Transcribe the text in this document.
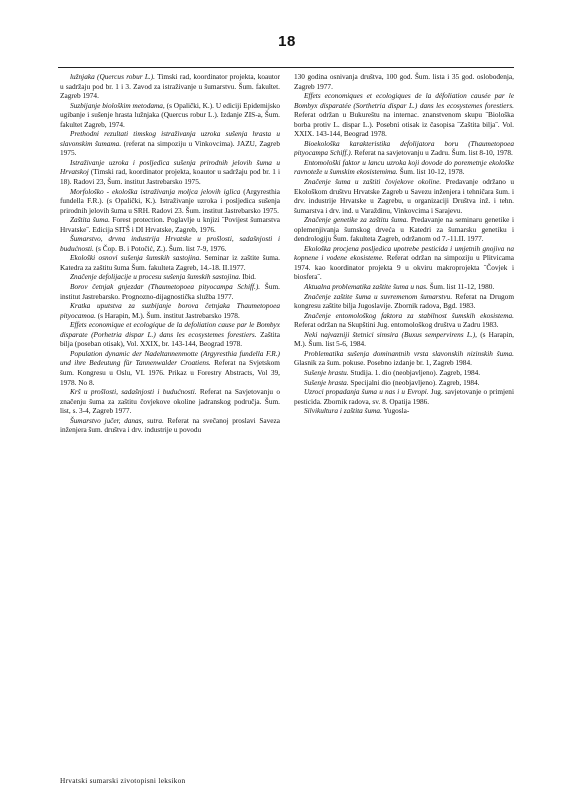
18

lužnjaka (Quercus robur L.). Timski rad, koordinator projekta, koautor u sadržaju pod br. 1 i 3. Zavod za istraživanje u šumarstvu. Šum. fakultet. Zagreb 1974.

Suzbijanje biološkim metodama, (s Opalički, K.). U ediciji Epidemijsko ugibanje i sušenje hrasta lužnjaka (Quercus robur L.). Izdanje ZIS-a, Šum. fakultet Zagreb, 1974.

Prethodni rezultati timskog istraživanja uzroka sušenja hrasta u slavonskim šumama. (referat na simpoziju u Vinkovcima). JAZU, Zagreb 1975.

Istraživanje uzroka i posljedica sušenja prirodnih jelovih šuma u Hrvatskoj (Timski rad, koordinator projekta, koautor u sadržaju pod br. 1 i 18). Radovi 23, Šum. institut Jastrebarsko 1975.

Morfološko - ekološka istraživanja moljca jelovih iglica (Argyresthia fundella F.R.). (s Opalički, K.). Istraživanje uzroka i posljedica sušenja prirodnih jelovih šuma u SRH. Radovi 23. Šum. institut Jastrebarsko 1975.

Zaštita šuma. Forest protection. Poglavlje u knjizi ˝Povijest šumarstva Hrvatske˝. Edicija SITŠ i DI Hrvatske, Zagreb, 1976.

Šumarstvo, drvna industrija Hrvatske u prošlosti, sadašnjosti i budućnosti. (s Čop. B. i Potočić, Z.). Šum. list 7-9, 1976.

Ekološki osnovi sušenja šumskih sastojina. Seminar iz zaštite šuma. Katedra za zaštitu šuma Šum. fakulteta Zagreb, 14.-18. II.1977.

Značenje defolijacije u procesu sušenja šumskih sastojina. Ibid.

Borov četnjak gnjezdar (Thaumetopoea pityocampa Schiff.). Šum. institut Jastrebarsko. Prognozno-dijagnostička služba 1977.

Kratka uputstva za suzbijanje borova četnjaka Thaumetopoea pityocamoa. (s Harapin, M.). Šum. institut Jastrebarsko 1978.

Effets economique et ecologique de la defoliation cause par le Bombyx disparate (Porhetria dispar L.) dans les ecosystemes forestiers. Zaštita bilja (poseban otisak), Vol. XXIX, br. 143-144, Beograd 1978.

Population dynamic der Nadeltannenmotte (Argyresthia fundella F.R.) und ihre Bedeutung für Tannenwalder Croatiens. Referat na Svjetskom šum. Kongresu u Oslu, VI. 1976. Prikaz u Forestry Abstracts, Vol 39, 1978. No 8.

Krš u prošlosti, sadašnjosti i budućnosti. Referat na Savjetovanju o značenju šuma za zaštitu čovjekove okoline jadranskog područja. Šum. list, s. 3-4, Zagreb 1977.

Šumarstvo jučer, danas, sutra. Referat na svečanoj proslavi Saveza inženjera šum. društva i drv. industrije u povodu

130 godina osnivanja društva, 100 god. Šum. lista i 35 god. oslobođenja, Zagreb 1977.

Effets economiques et ecologiques de la défoliation causée par le Bombyx disparatée (Sorthetria dispar L.) dans les ecosystemes forestiers. Referat održan u Bukureštu na internac. znanstvenom skupu ˝Biološka borba protiv L. dispar L.). Posebni otisak iz časopisa ˝Zaštita bilja˝. Vol. XXIX. 143-144, Beograd 1978.

Bioekološka karakteristika defolijatora boru (Thaumetopoea pityocampa Schiff.). Referat na savjetovanju u Zadru. Šum. list 8-10, 1978.

Entomološki faktor u lancu uzroka koji dovode do poremetnje ekološke ravnoteže u šumskim ekosistemima. Šum. list 10-12, 1978.

Značenje šuma u zaštiti čovjekove okoline. Predavanje održano u Ekološkom društvu Hrvatske Zagreb u Savezu inženjera i tehničara šum. i drv. industrije Hrvatske u Zagrebu, u organizaciji Društva inž. i tehn. šumarstva i drv. ind. u Varaždinu, Vinkovcima i Sarajevu.

Značenje genetike za zaštitu šuma. Predavanje na seminaru genetike i oplemenjivanja šumskog drveća u Katedri za šumarsku genetiku i dendrologiju Šum. fakulteta Zagreb, održanom od 7.-11.II. 1977.

Ekološka procjena posljedica upotrebe pesticida i umjetnih gnojiva na kopnene i vodene ekosisteme. Referat održan na simpoziju u Plitvicama 1974. kao koordinator projekta 9 u okviru makroprojekta ˝Čovjek i biosfera˝.

Aktualna problematika zaštite šuma u nas. Šum. list 11-12, 1980.

Značenje zaštite šuma u suvremenom šumarstvu. Referat na Drugom kongresu zaštite bilja Jugoslavije. Zbornik radova, Bgd. 1983.

Značenje entomološkog faktora za stabilnost šumskih ekosistema. Referat održan na Skupštini Jug. entomološkog društva u Zadru 1983.

Neki najvazniji štetnici simsira (Buxus sempervirens L.), (s Harapin, M.). Šum. list 5-6, 1984.

Problematika sušenja dominantnih vrsta slavonskih nizinskih šuma. Glasnik za šum. pokuse. Posebno izdanje br. 1, Zagreb 1984.

Sušenje hrastu. Studija. 1. dio (neobjavljeno). Zagreb, 1984.

Sušenje hrasta. Specijalni dio (neobjavljeno). Zagreb, 1984.

Uzroci propadanja šuma u nas i u Evropi. Jug. savjetovanje o primjeni pesticida. Zbornik radova, sv. 8. Opatija 1986.

Silvikultura i zaštita šuma. Yugosla-

Hrvatski sumarski zivotopisni leksikon
